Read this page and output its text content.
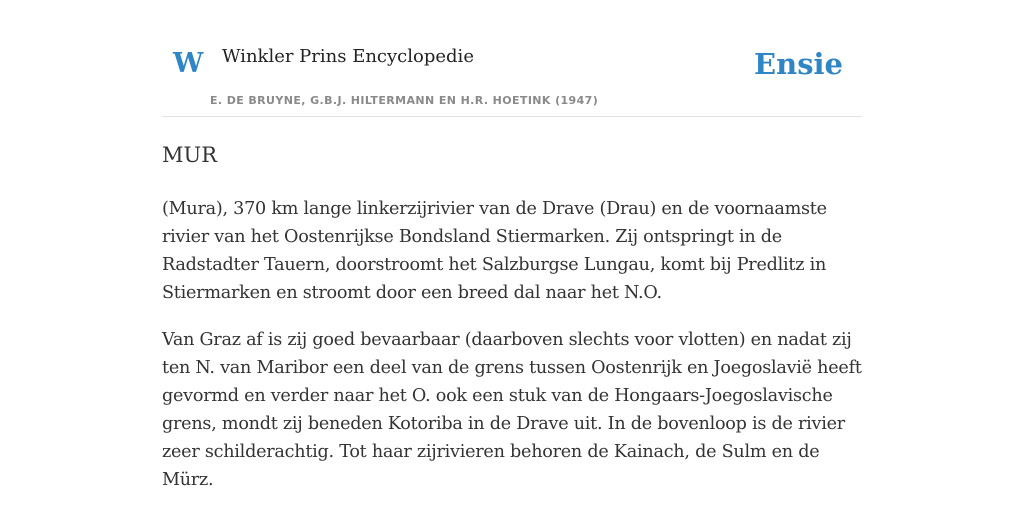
W Winkler Prins Encyclopedie
E. DE BRUYNE, G.B.J. HILTERMANN EN H.R. HOETINK (1947)
Ensie
MUR

(Mura), 370 km lange linkerzijrivier van de Drave (Drau) en de voornaamste rivier van het Oostenrijkse Bondsland Stiermarken. Zij ontspringt in de Radstadter Tauern, doorstroomt het Salzburgse Lungau, komt bij Predlitz in Stiermarken en stroomt door een breed dal naar het N.O.

Van Graz af is zij goed bevaarbaar (daarboven slechts voor vlotten) en nadat zij ten N. van Maribor een deel van de grens tussen Oostenrijk en Joegoslavië heeft gevormd en verder naar het O. ook een stuk van de Hongaars-Joegoslavische grens, mondt zij beneden Kotoriba in de Drave uit. In de bovenloop is de rivier zeer schilderachtig. Tot haar zijrivieren behoren de Kainach, de Sulm en de Mürz.
